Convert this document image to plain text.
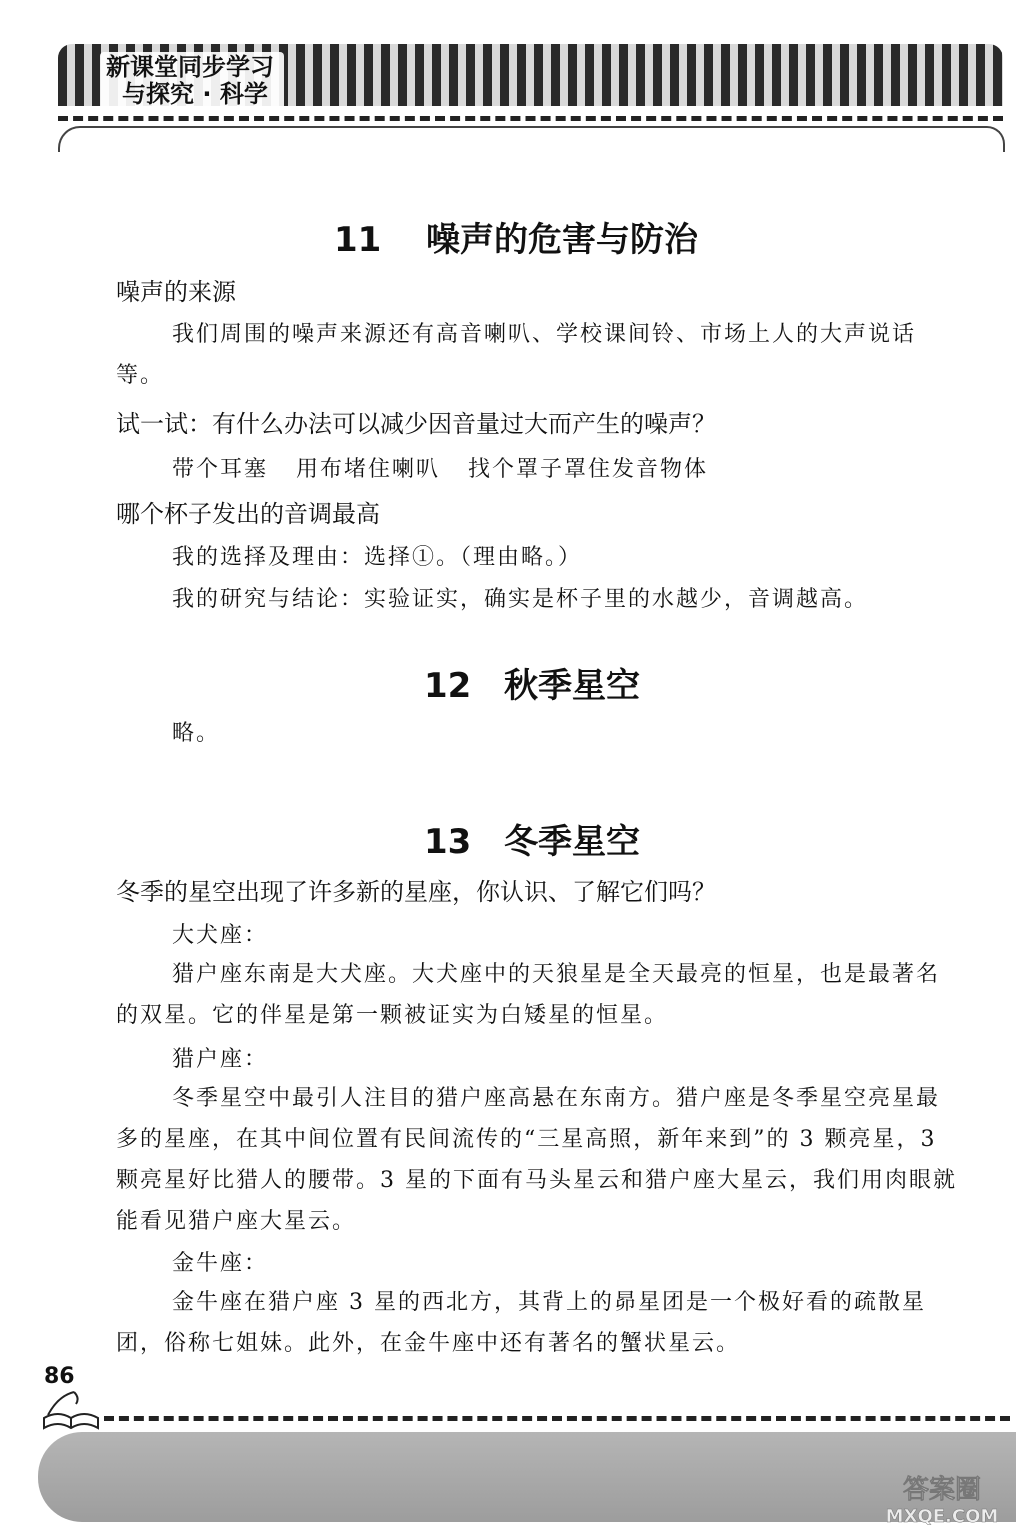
新课堂同步学习
与探究 · 科学
11 噪声的危害与防治
噪声的来源
我们周围的噪声来源还有高音喇叭、学校课间铃、市场上人的大声说话等。
试一试：有什么办法可以减少因音量过大而产生的噪声？
带个耳塞 用布堵住喇叭 找个罩子罩住发音物体
哪个杯子发出的音调最高
我的选择及理由：选择①。（理由略。）
我的研究与结论：实验证实，确实是杯子里的水越少，音调越高。
12 秋季星空
略。
13 冬季星空
冬季的星空出现了许多新的星座，你认识、了解它们吗？
大犬座：
猎户座东南是大犬座。大犬座中的天狼星是全天最亮的恒星，也是最著名的双星。它的伴星是第一颗被证实为白矮星的恒星。
猎户座：
冬季星空中最引人注目的猎户座高悬在东南方。猎户座是冬季星空亮星最多的星座，在其中间位置有民间流传的“三星高照，新年来到”的 3 颗亮星，3 颗亮星好比猎人的腰带。3 星的下面有马头星云和猎户座大星云，我们用肉眼就能看见猎户座大星云。
金牛座：
金牛座在猎户座 3 星的西北方，其背上的昴星团是一个极好看的疏散星团，俗称七姐妹。此外，在金牛座中还有著名的蟹状星云。
86
答案圈
MXQE.COM
